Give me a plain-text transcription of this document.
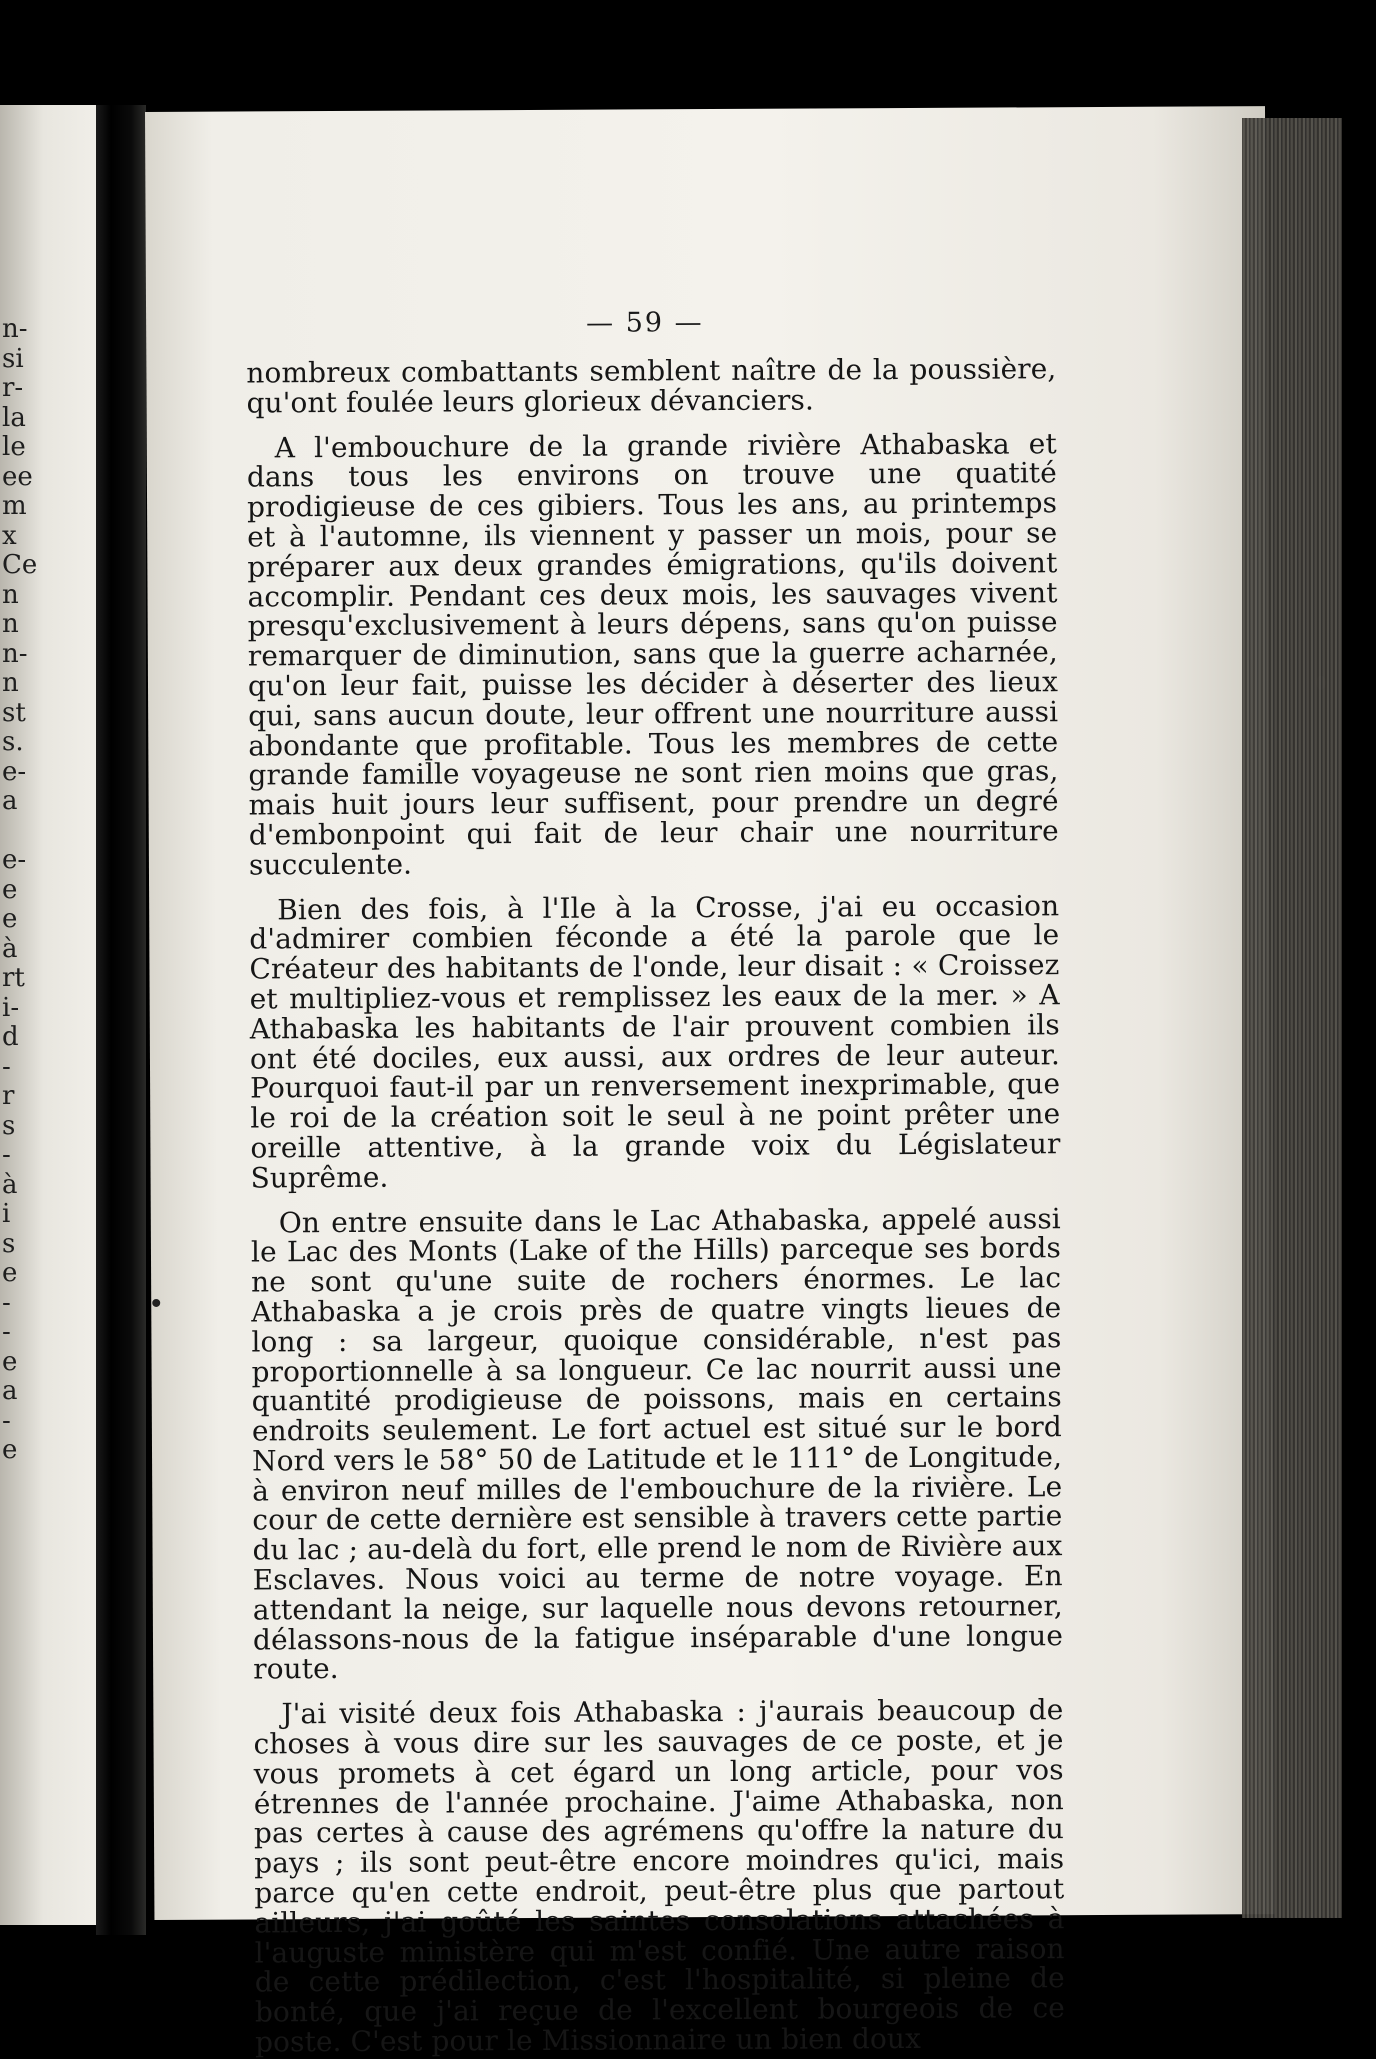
n-
si
r-
la
le
ee
m
x
Ce
n
n
n-
n
st
s.
e-
a
e-
e
e
à
rt
i-
d
-
r
s
-
à
i
s
e
-
-
e
a
-
e
— 59 —

nombreux combattants semblent naître de la poussière, qu'ont foulée leurs glorieux dévanciers.

A l'embouchure de la grande rivière Athabaska et dans tous les environs on trouve une quatité prodigieuse de ces gibiers. Tous les ans, au printemps et à l'automne, ils viennent y passer un mois, pour se préparer aux deux grandes émigrations, qu'ils doivent accomplir. Pendant ces deux mois, les sauvages vivent presqu'exclusivement à leurs dépens, sans qu'on puisse remarquer de diminution, sans que la guerre acharnée, qu'on leur fait, puisse les décider à déserter des lieux qui, sans aucun doute, leur offrent une nourriture aussi abondante que profitable. Tous les membres de cette grande famille voyageuse ne sont rien moins que gras, mais huit jours leur suffisent, pour prendre un degré d'embonpoint qui fait de leur chair une nourriture succulente.

Bien des fois, à l'Ile à la Crosse, j'ai eu occasion d'admirer combien féconde a été la parole que le Créateur des habitants de l'onde, leur disait : « Croissez et multipliez-vous et remplissez les eaux de la mer. » A Athabaska les habitants de l'air prouvent combien ils ont été dociles, eux aussi, aux ordres de leur auteur. Pourquoi faut-il par un renversement inexprimable, que le roi de la création soit le seul à ne point prêter une oreille attentive, à la grande voix du Législateur Suprême.

On entre ensuite dans le Lac Athabaska, appelé aussi le Lac des Monts (Lake of the Hills) parceque ses bords ne sont qu'une suite de rochers énormes. Le lac Athabaska a je crois près de quatre vingts lieues de long : sa largeur, quoique considérable, n'est pas proportionnelle à sa longueur. Ce lac nourrit aussi une quantité prodigieuse de poissons, mais en certains endroits seulement. Le fort actuel est situé sur le bord Nord vers le 58° 50 de Latitude et le 111° de Longitude, à environ neuf milles de l'embouchure de la rivière. Le cour de cette dernière est sensible à travers cette partie du lac ; au-delà du fort, elle prend le nom de Rivière aux Esclaves. Nous voici au terme de notre voyage. En attendant la neige, sur laquelle nous devons retourner, délassons-nous de la fatigue inséparable d'une longue route.

J'ai visité deux fois Athabaska : j'aurais beaucoup de choses à vous dire sur les sauvages de ce poste, et je vous promets à cet égard un long article, pour vos étrennes de l'année prochaine. J'aime Athabaska, non pas certes à cause des agrémens qu'offre la nature du pays ; ils sont peut-être encore moindres qu'ici, mais parce qu'en cette endroit, peut-être plus que partout ailleurs, j'ai goûté les saintes consolations attachées à l'auguste ministère qui m'est confié. Une autre raison de cette prédilection, c'est l'hospitalité, si pleine de bonté, que j'ai reçue de l'excellent bourgeois de ce poste. C'est pour le Missionnaire un bien doux
